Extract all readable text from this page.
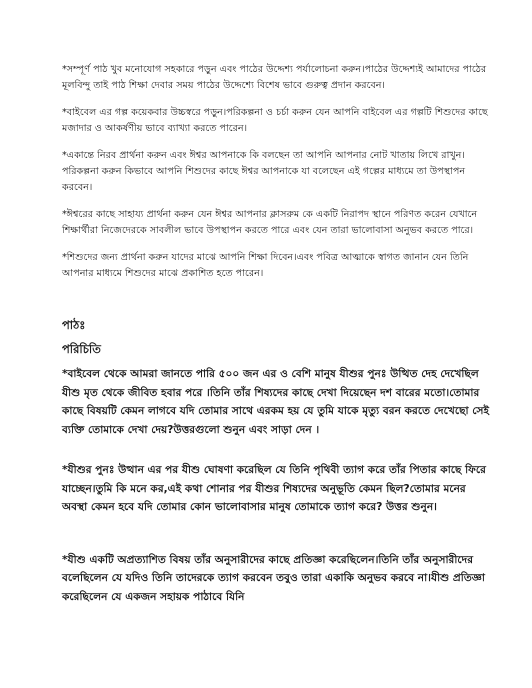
*সম্পূর্ণ পাঠ খুব মনোযোগ সহকারে পড়ুন এবং পাঠের উদ্দেশ্য পর্যালোচনা করুন।পাঠের উদ্দেশ্যই আমাদের পাঠের মূলবিন্দু তাই পাঠ শিক্ষা দেবার সময় পাঠের উদ্দেশ্যে বিশেষ ভাবে গুরুত্ব প্রদান করবেন।

*বাইবেল এর গল্প কয়েকবার উচ্চস্বরে পড়ুন।পরিকল্পনা ও চর্চা করুন যেন আপনি বাইবেল এর গল্পটি শিশুদের কাছে মজাদার ও আকর্ষণীয় ভাবে ব্যাখ্যা করতে পারেন।

*একান্তে নিরব প্রার্থনা করুন এবং ঈশ্বর আপনাকে কি বলছেন তা আপনি আপনার নোট খাতায় লিখে রাখুন।পরিকল্পনা করুন কিভাবে আপনি শিশুদের কাছে ঈশ্বর আপনাকে যা বলেছেন এই গল্পের মাধ্যমে তা উপস্থাপন করবেন।

*ঈশ্বরের কাছে সাহায্য প্রার্থনা করুন যেন ঈশ্বর আপনার ক্লাসরুম কে একটি নিরাপদ স্থানে পরিণত করেন যেখানে শিক্ষার্থীরা নিজেদেরকে সাবলীল ভাবে উপস্থাপন করতে পারে এবং যেন তারা ভালোবাসা অনুভব করতে পারে।

*শিশুদের জন্য প্রার্থনা করুন যাদের মাঝে আপনি শিক্ষা দিবেন।এবং পবিত্র আত্মাকে স্বাগত জানান যেন তিনি আপনার মাধ্যমে শিশুদের মাঝে প্রকাশিত হতে পারেন।

পাঠঃ
পরিচিতি

*বাইবেল থেকে আমরা জানতে পারি ৫০০ জন এর ও বেশি মানুষ যীশুর পুনঃ উত্থিত দেহ দেখেছিল যীশু মৃত থেকে জীবিত হবার পরে ।তিনি তাঁর শিষ্যদের কাছে দেখা দিয়েছেন দশ বারের মতো।তোমার কাছে বিষয়টি কেমন লাগবে যদি তোমার সাথে এরকম হয় যে তুমি যাকে মৃত্যু বরন করতে দেখেছো সেই ব্যক্তি তোমাকে দেখা দেয়?উত্তরগুলো শুনুন এবং সাড়া দেন ।

*যীশুর পুনঃ উত্থান এর পর যীশু ঘোষণা করেছিল যে তিনি পৃথিবী ত্যাগ করে তাঁর পিতার কাছে ফিরে যাচ্ছেন।তুমি কি মনে কর,এই কথা শোনার পর যীশুর শিষ্যদের অনুভূতি কেমন ছিল?তোমার মনের অবস্থা কেমন হবে যদি তোমার কোন ভালোবাসার মানুষ তোমাকে ত্যাগ করে? উত্তর শুনুন।

*যীশু একটি অপ্রত্যাশিত বিষয় তাঁর অনুসারীদের কাছে প্রতিজ্ঞা করেছিলেন।তিনি তাঁর অনুসারীদের বলেছিলেন যে যদিও তিনি তাদেরকে ত্যাগ করবেন তবুও তারা একাকি অনুভব করবে না।যীশু প্রতিজ্ঞা করেছিলেন যে একজন সহায়ক পাঠাবে যিনি
